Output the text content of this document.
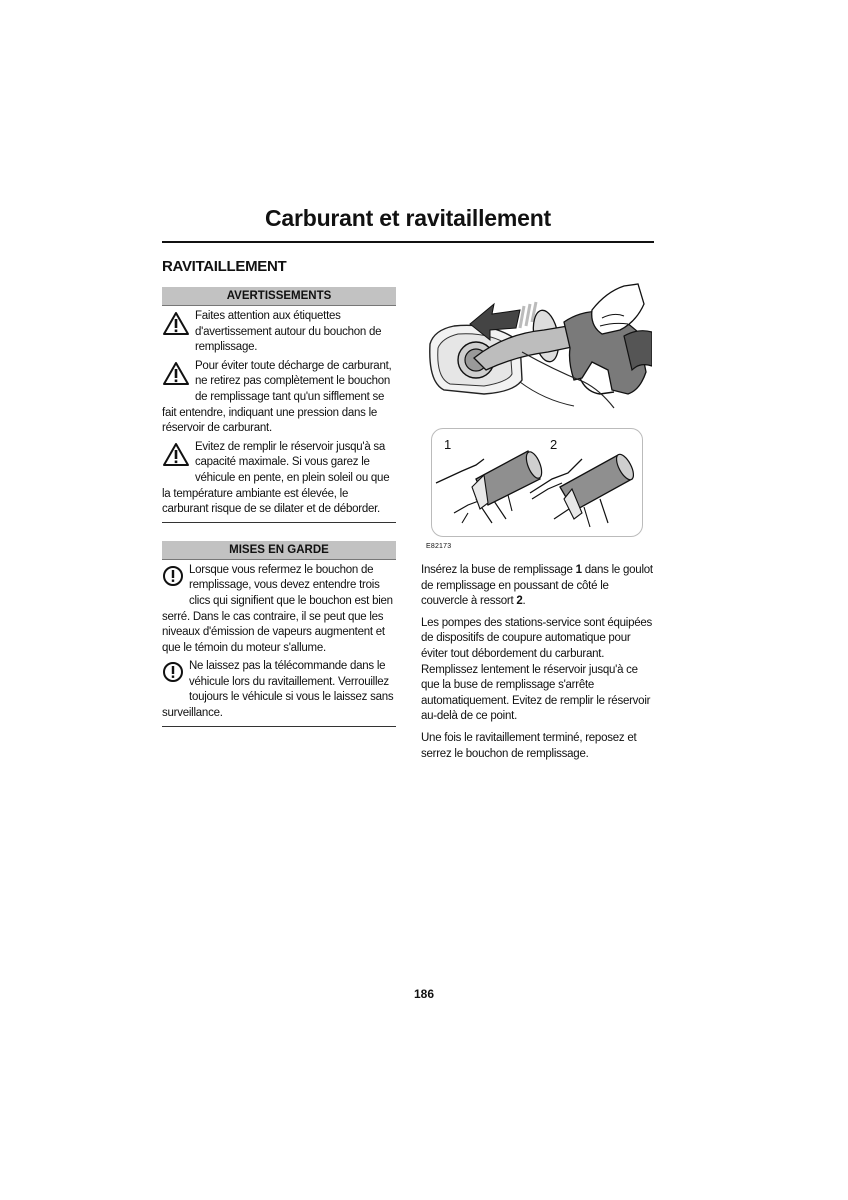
Carburant et ravitaillement
RAVITAILLEMENT
AVERTISSEMENTS
Faites attention aux étiquettes d'avertissement autour du bouchon de remplissage.
Pour éviter toute décharge de carburant, ne retirez pas complètement le bouchon de remplissage tant qu'un sifflement se fait entendre, indiquant une pression dans le réservoir de carburant.
Evitez de remplir le réservoir jusqu'à sa capacité maximale. Si vous garez le véhicule en pente, en plein soleil ou que la température ambiante est élevée, le carburant risque de se dilater et de déborder.
MISES EN GARDE
Lorsque vous refermez le bouchon de remplissage, vous devez entendre trois clics qui signifient que le bouchon est bien serré. Dans le cas contraire, il se peut que les niveaux d'émission de vapeurs augmentent et que le témoin du moteur s'allume.
Ne laissez pas la télécommande dans le véhicule lors du ravitaillement. Verrouillez toujours le véhicule si vous le laissez sans surveillance.
1	2
E82173

Insérez la buse de remplissage 1 dans le goulot de remplissage en poussant de côté le couvercle à ressort 2.

Les pompes des stations-service sont équipées de dispositifs de coupure automatique pour éviter tout débordement du carburant. Remplissez lentement le réservoir jusqu'à ce que la buse de remplissage s'arrête automatiquement. Evitez de remplir le réservoir au-delà de ce point.

Une fois le ravitaillement terminé, reposez et serrez le bouchon de remplissage.

186
